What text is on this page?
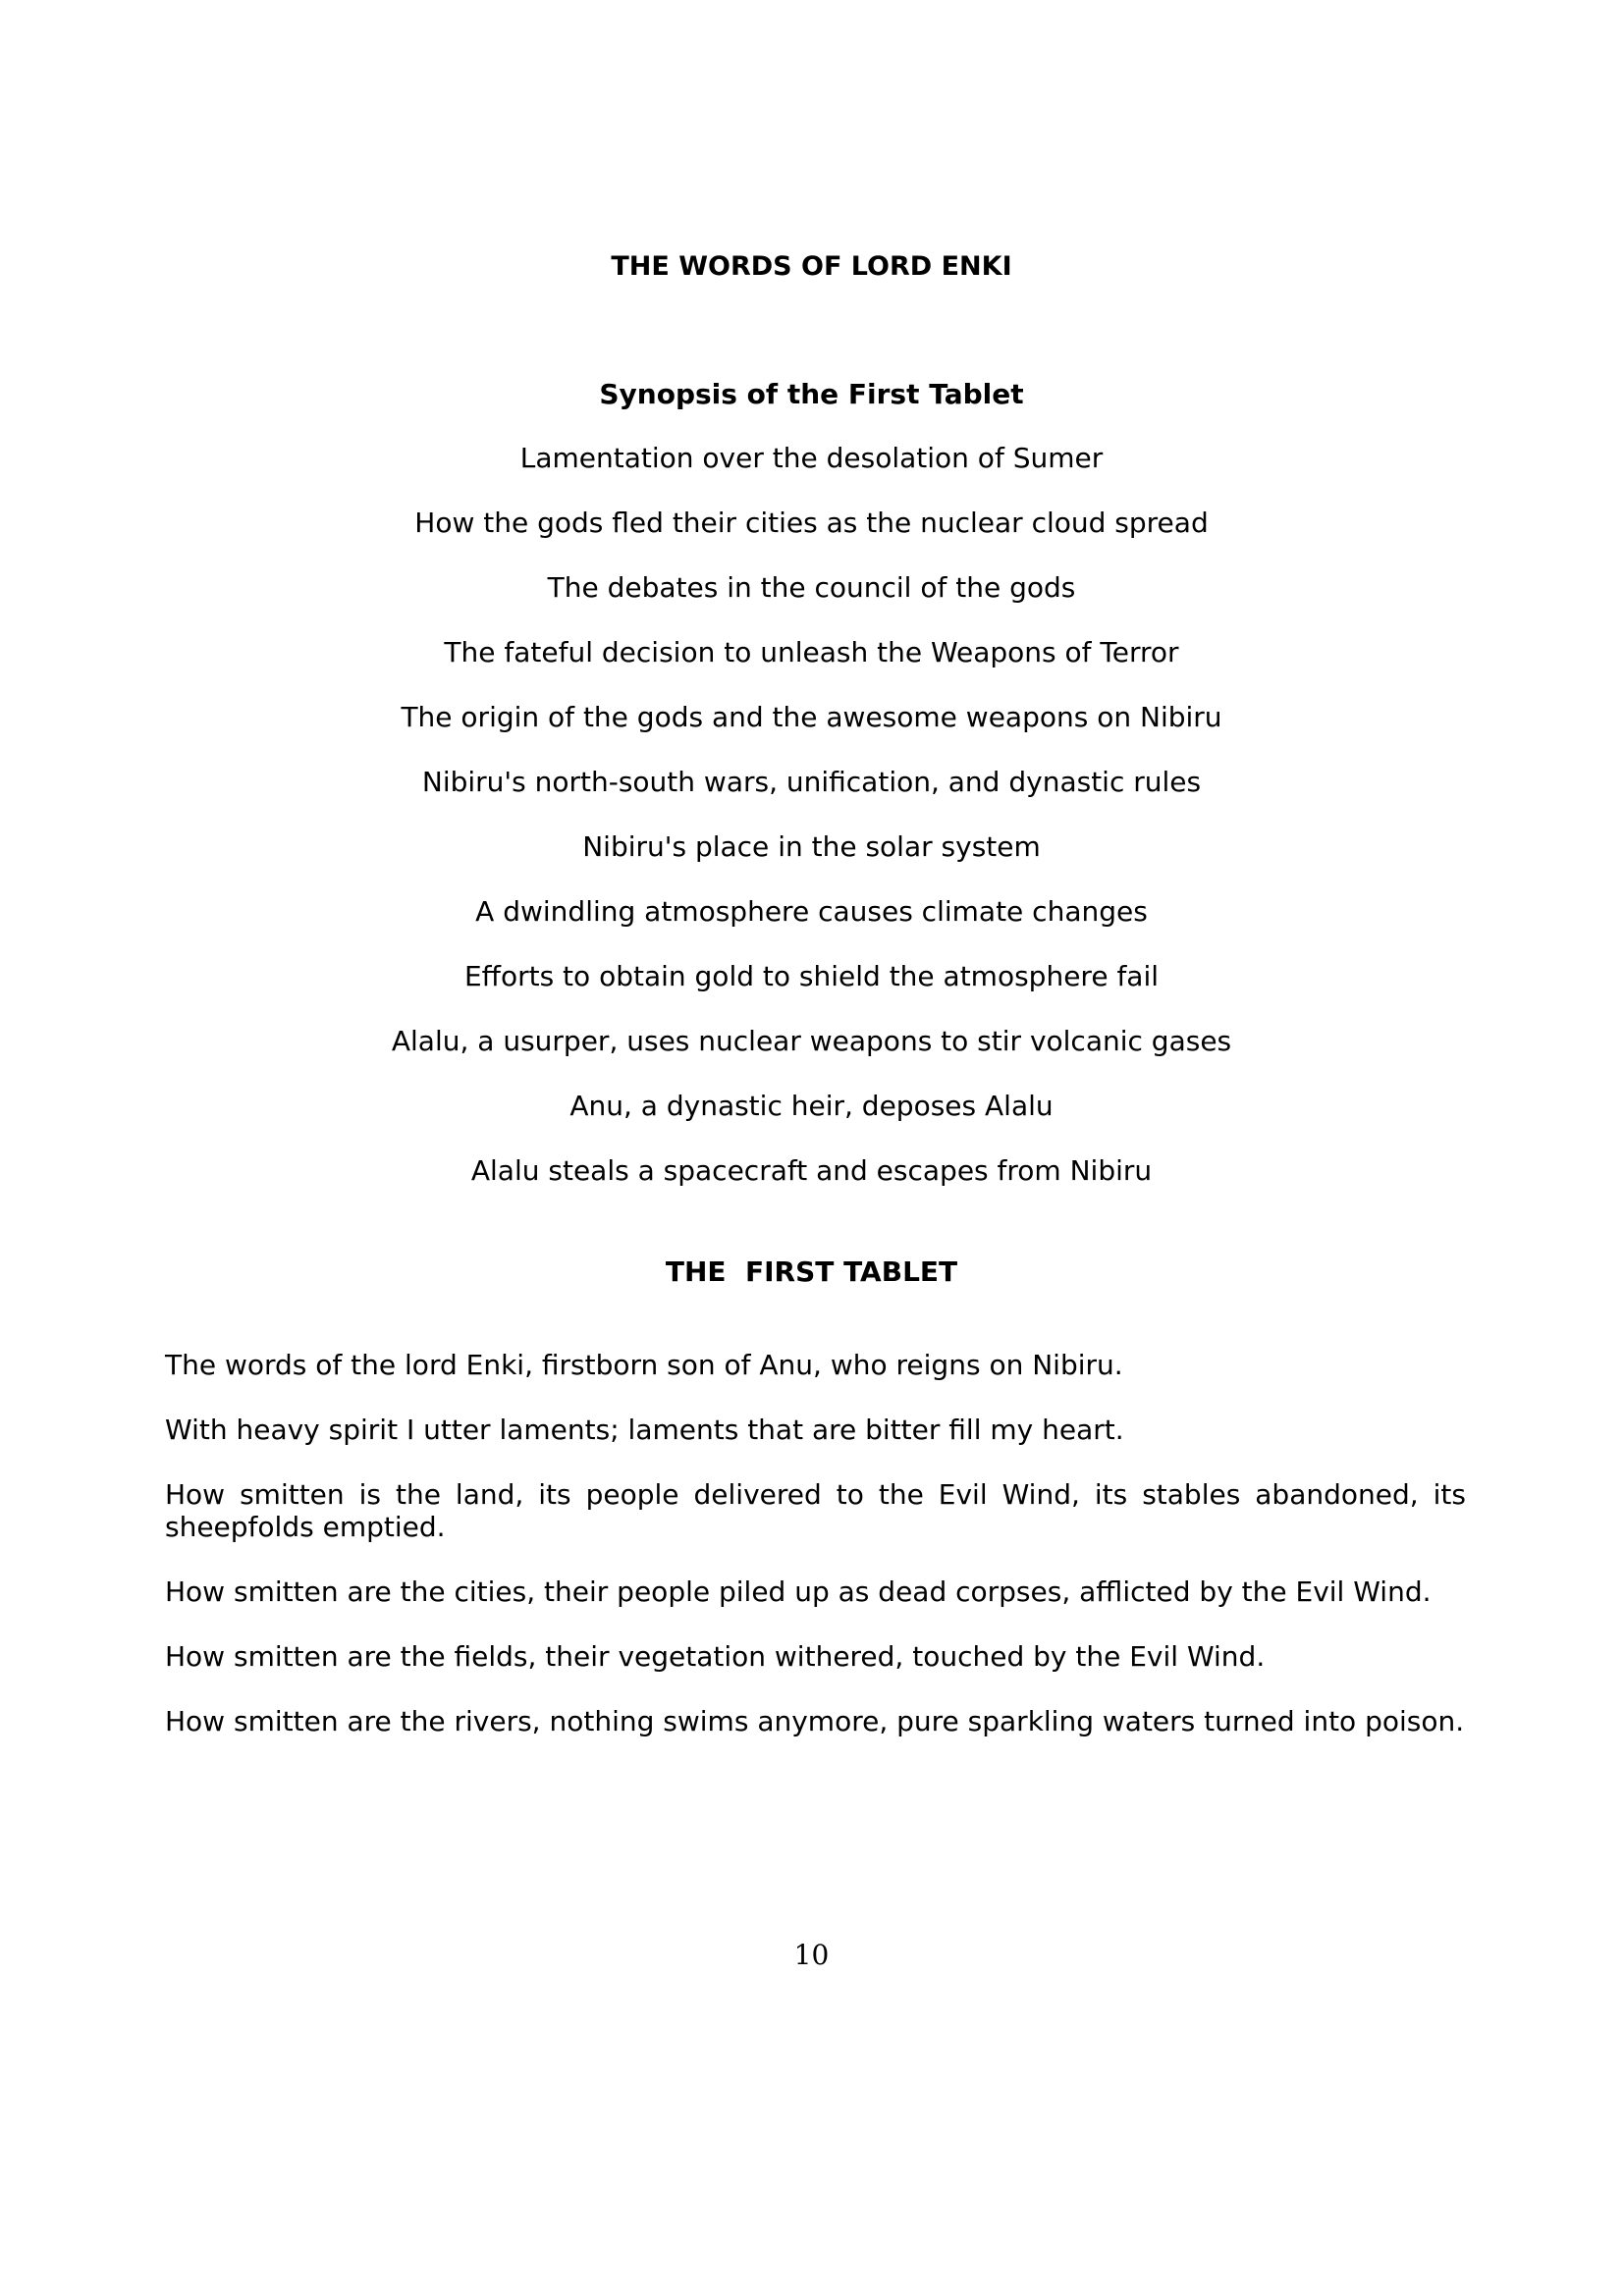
THE WORDS OF LORD ENKI
Synopsis of the First Tablet
Lamentation over the desolation of Sumer
How the gods fled their cities as the nuclear cloud spread
The debates in the council of the gods
The fateful decision to unleash the Weapons of Terror
The origin of the gods and the awesome weapons on Nibiru
Nibiru's north-south wars, unification, and dynastic rules
Nibiru's place in the solar system
A dwindling atmosphere causes climate changes
Efforts to obtain gold to shield the atmosphere fail
Alalu, a usurper, uses nuclear weapons to stir volcanic gases
Anu, a dynastic heir, deposes Alalu
Alalu steals a spacecraft and escapes from Nibiru
THE  FIRST TABLET

The words of the lord Enki, firstborn son of Anu, who reigns on Nibiru.

With heavy spirit I utter laments; laments that are bitter fill my heart.

How smitten is the land, its people delivered to the Evil Wind, its stables abandoned, its sheepfolds emptied.

How smitten are the cities, their people piled up as dead corpses, afflicted by the Evil Wind.

How smitten are the fields, their vegetation withered, touched by the Evil Wind.

How smitten are the rivers, nothing swims anymore, pure sparkling waters turned into poison.

10
